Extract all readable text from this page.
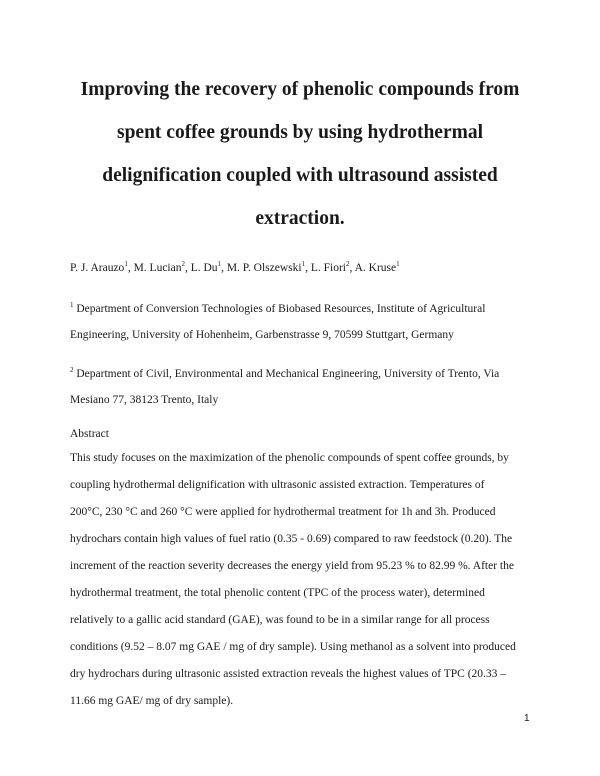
Improving the recovery of phenolic compounds from
spent coffee grounds by using hydrothermal
delignification coupled with ultrasound assisted
extraction.
P. J. Arauzo$^1$, M. Lucian$^2$, L. Du$^1$, M. P. Olszewski$^1$, L. Fiori$^2$, A. Kruse$^1$
$^1$ Department of Conversion Technologies of Biobased Resources, Institute of Agricultural
Engineering, University of Hohenheim, Garbenstrasse 9, 70599 Stuttgart, Germany
$^2$ Department of Civil, Environmental and Mechanical Engineering, University of Trento, Via
Mesiano 77, 38123 Trento, Italy
Abstract
This study focuses on the maximization of the phenolic compounds of spent coffee grounds, by
coupling hydrothermal delignification with ultrasonic assisted extraction. Temperatures of
200°C, 230 °C and 260 °C were applied for hydrothermal treatment for 1h and 3h. Produced
hydrochars contain high values of fuel ratio (0.35 - 0.69) compared to raw feedstock (0.20). The
increment of the reaction severity decreases the energy yield from 95.23 % to 82.99 %. After the
hydrothermal treatment, the total phenolic content (TPC of the process water), determined
relatively to a gallic acid standard (GAE), was found to be in a similar range for all process
conditions (9.52 – 8.07 mg GAE / mg of dry sample). Using methanol as a solvent into produced
dry hydrochars during ultrasonic assisted extraction reveals the highest values of TPC (20.33 –
11.66 mg GAE/ mg of dry sample).
1
